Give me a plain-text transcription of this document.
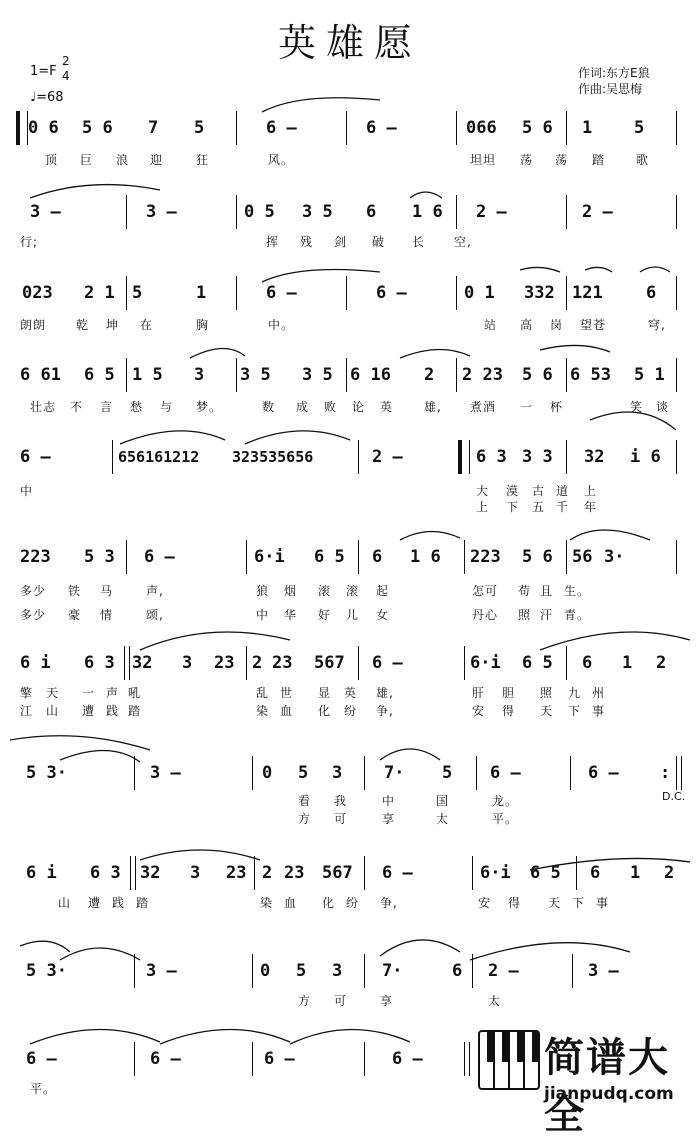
英雄愿
1=F
2
4
♩=68
作词:东方E狼
作曲:吴思梅
0 6 5 6 7 5	6 –	6 –	066 5 6 1 5
顶 巨 浪 迎	狂	风。	坦坦 荡 荡 踏	歌
3 –	3 –	0 5 3 5 6 1 6 2 –	2 –
行;	挥 残 剑 破 长 空,
023 2 1 5	1	6 –	6 –	0 1 332 121	6
朗朗 乾 坤 在	胸	中。	站 高 岗 望苍	穹,
6 61 6 5 1 5 3 3 5 3 5 6 16 2 2 23 5 6 6 53 5 1
壮志 不 言 愁 与 梦。	数 成 败 论 英	雄, 煮酒 一 杯	笑 谈
6 –	656161212 323535656	2 –	6 3 3 3 32 i 6
中	大 漠 古 道 上
上 下 五 千 年
223 5 3 6 –	6·i 6 5 6 1 6 223 5 6 56 3·
多少 铁 马	声,	狼 烟 滚 滚 起	怎可 苟 且 生。
多少 豪 情	颂,	中 华 好 儿 女	丹心 照 汗 青。
6 i 6 3 32 3 23 2 23 567 6 –	6·i 6 5 6 1 2
擎 天 一 声 吼	乱 世 显 英 雄,	肝 胆 照 九 州
江 山 遭 践 踏	染 血 化 纷 争,	安 得 天 下 事
5 3·	3 –	0 5 3 7· 5 6 –	6 – :
看 我	中	国	龙。
方 可	享	太	平。
D.C.
6 i 6 3 32 3 23 2 23 567 6 –	6·i 6 5 6 1 2
山 遭 践 踏	染 血 化 纷 争,	安 得 天 下 事
5 3·	3 –	0 5 3 7·	6 2 –	3 –
方 可	享	太
6 –	6 –	6 –	6 –
平。
简谱大全
jianpudq.com
